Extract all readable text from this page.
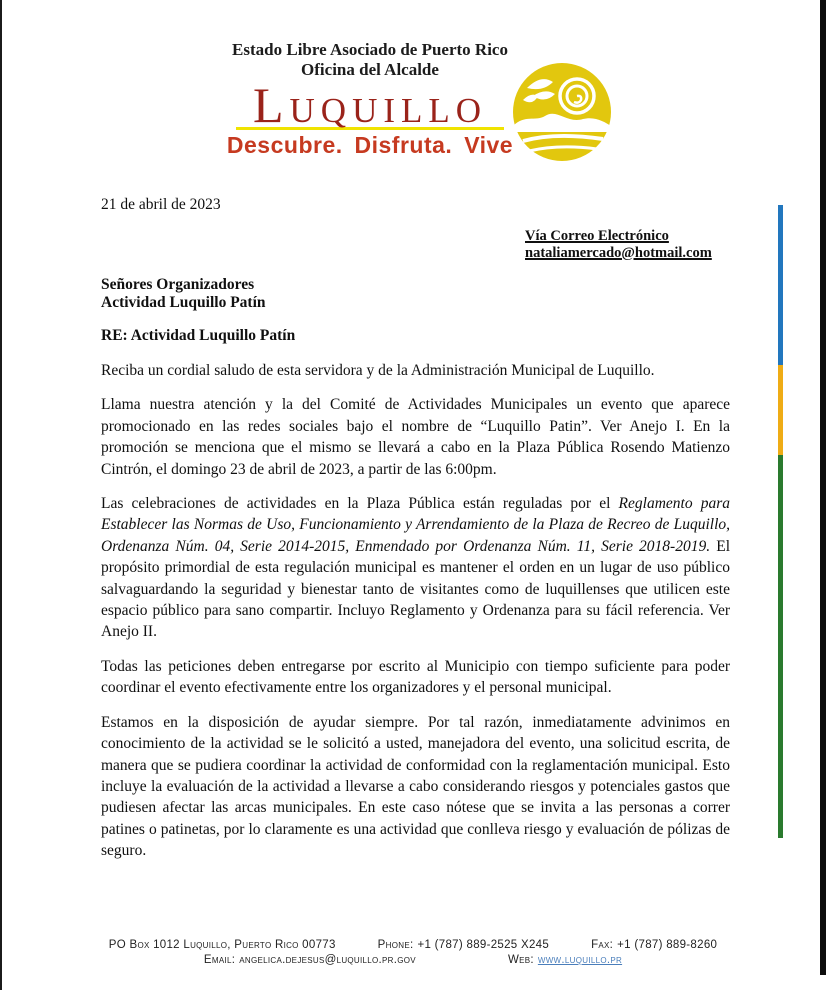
Estado Libre Asociado de Puerto Rico
Oficina del Alcalde
Luquillo
Descubre. Disfruta. Vive

21 de abril de 2023

Vía Correo Electrónico
nataliamercado@hotmail.com
Señores Organizadores
Actividad Luquillo Patín

RE: Actividad Luquillo Patín

Reciba un cordial saludo de esta servidora y de la Administración Municipal de Luquillo.

Llama nuestra atención y la del Comité de Actividades Municipales un evento que aparece promocionado en las redes sociales bajo el nombre de “Luquillo Patin”. Ver Anejo I. En la promoción se menciona que el mismo se llevará a cabo en la Plaza Pública Rosendo Matienzo Cintrón, el domingo 23 de abril de 2023, a partir de las 6:00pm.

Las celebraciones de actividades en la Plaza Pública están reguladas por el Reglamento para Establecer las Normas de Uso, Funcionamiento y Arrendamiento de la Plaza de Recreo de Luquillo, Ordenanza Núm. 04, Serie 2014-2015, Enmendado por Ordenanza Núm. 11, Serie 2018-2019. El propósito primordial de esta regulación municipal es mantener el orden en un lugar de uso público salvaguardando la seguridad y bienestar tanto de visitantes como de luquillenses que utilicen este espacio público para sano compartir. Incluyo Reglamento y Ordenanza para su fácil referencia. Ver Anejo II.

Todas las peticiones deben entregarse por escrito al Municipio con tiempo suficiente para poder coordinar el evento efectivamente entre los organizadores y el personal municipal.

Estamos en la disposición de ayudar siempre. Por tal razón, inmediatamente advinimos en conocimiento de la actividad se le solicitó a usted, manejadora del evento, una solicitud escrita, de manera que se pudiera coordinar la actividad de conformidad con la reglamentación municipal. Esto incluye la evaluación de la actividad a llevarse a cabo considerando riesgos y potenciales gastos que pudiesen afectar las arcas municipales. En este caso nótese que se invita a las personas a correr patines o patinetas, por lo claramente es una actividad que conlleva riesgo y evaluación de pólizas de seguro.

PO Box 1012 Luquillo, Puerto Rico 00773	Phone: +1 (787) 889-2525 X245	Fax: +1 (787) 889-8260
Email: angelica.dejesus@luquillo.pr.gov	Web: www.luquillo.pr
